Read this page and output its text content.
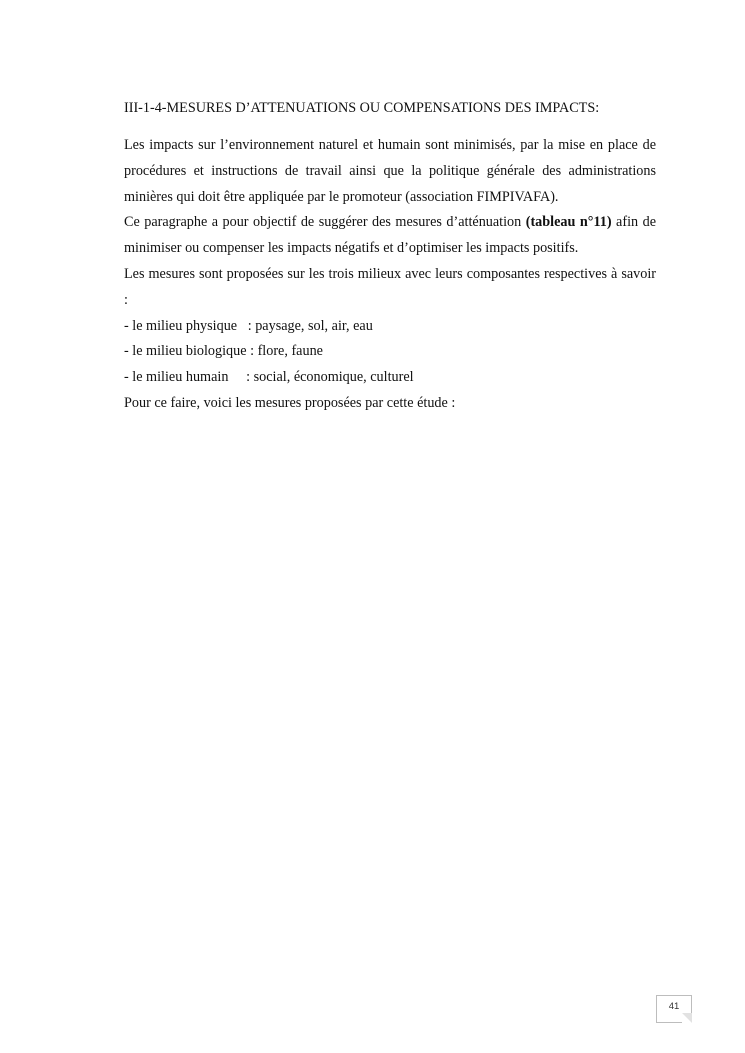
III-1-4-MESURES D’ATTENUATIONS OU COMPENSATIONS DES IMPACTS:

Les impacts sur l’environnement naturel et humain sont minimisés, par la mise en place de procédures et instructions de travail ainsi que la politique générale des administrations minières qui doit être appliquée par le promoteur (association FIMPIVAFA).

Ce paragraphe a pour objectif de suggérer des mesures d’atténuation (tableau n°11) afin de minimiser ou compenser les impacts négatifs et d’optimiser les impacts positifs.

Les mesures sont proposées sur les trois milieux avec leurs composantes respectives à savoir :

- le milieu physique   : paysage, sol, air, eau

- le milieu biologique : flore, faune

- le milieu humain     : social, économique, culturel

Pour ce faire, voici les mesures proposées par cette étude :

41
